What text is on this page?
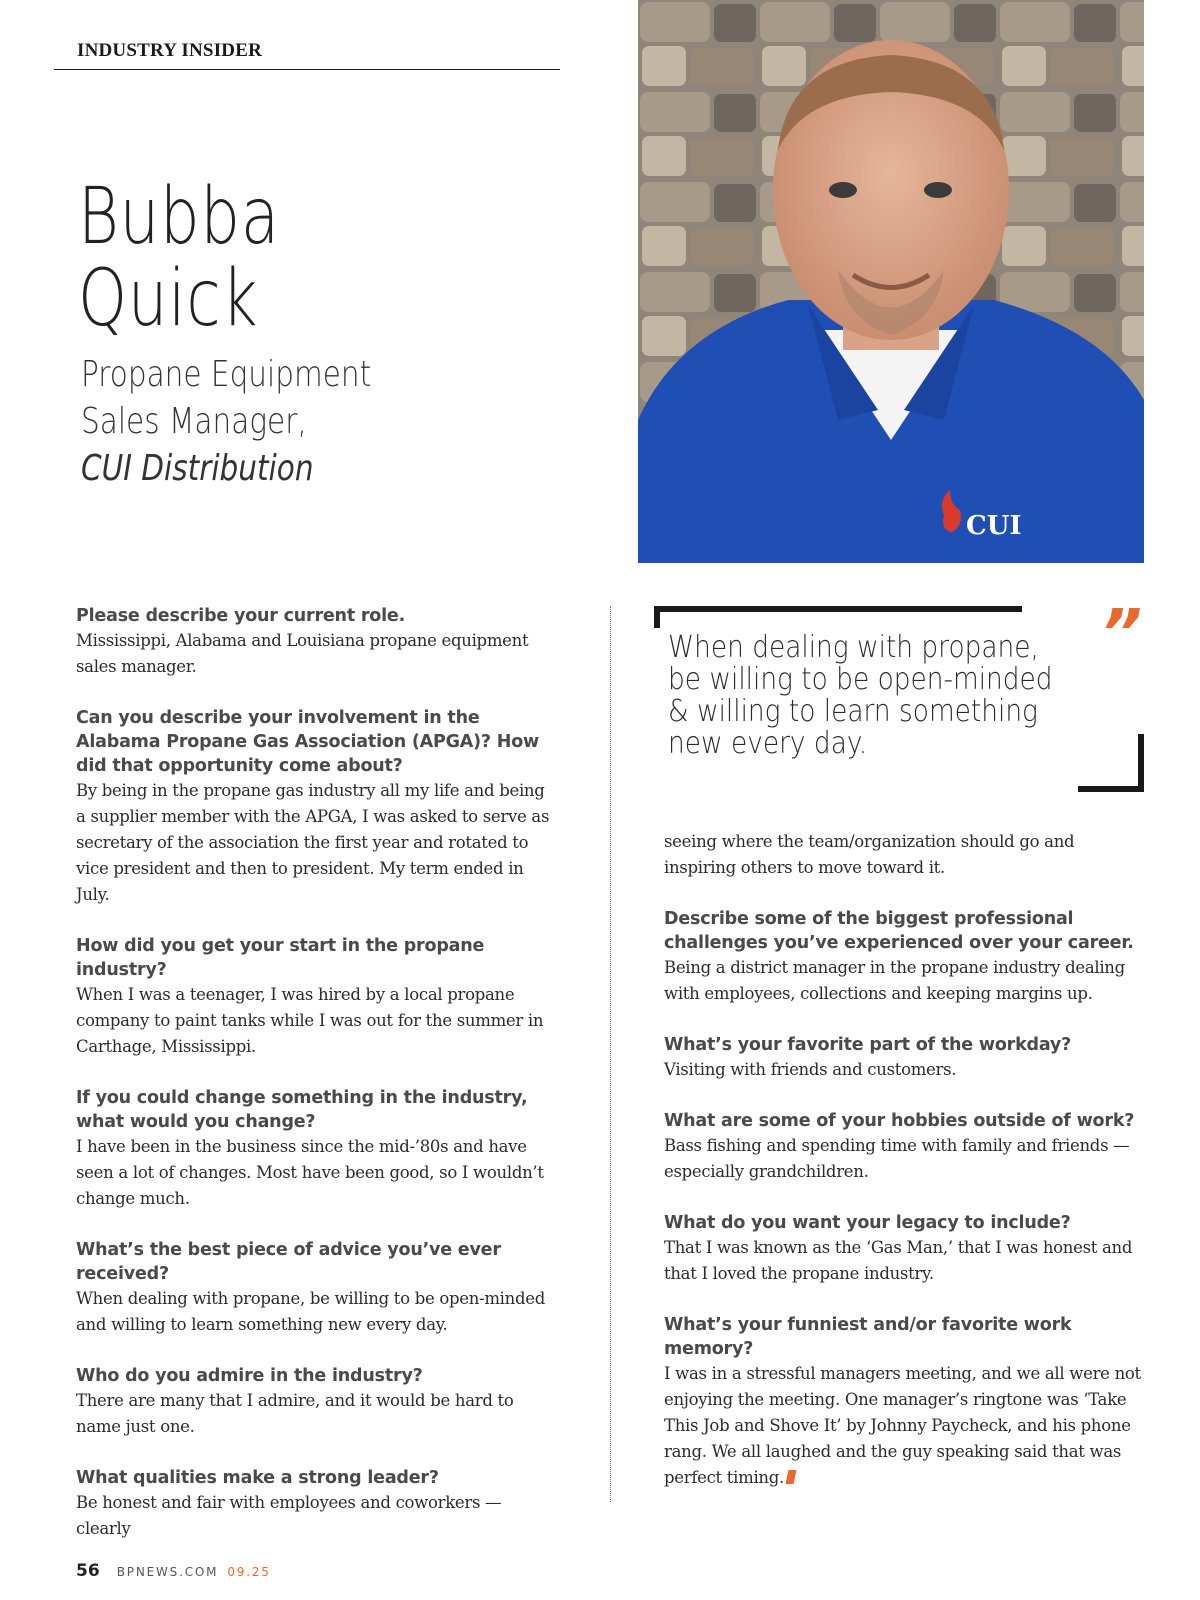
INDUSTRY INSIDER
Bubba
Quick
Propane Equipment
Sales Manager,
CUI Distribution
CUI
Please describe your current role.
Mississippi, Alabama and Louisiana propane equipment sales manager.
Can you describe your involvement in the Alabama Propane Gas Association (APGA)? How did that opportunity come about?
By being in the propane gas industry all my life and being a supplier member with the APGA, I was asked to serve as secretary of the association the first year and rotated to vice president and then to president. My term ended in July.
How did you get your start in the propane industry?
When I was a teenager, I was hired by a local propane company to paint tanks while I was out for the summer in Carthage, Mississippi.
If you could change something in the industry, what would you change?
I have been in the business since the mid-’80s and have seen a lot of changes. Most have been good, so I wouldn’t change much.
What’s the best piece of advice you’ve ever received?
When dealing with propane, be willing to be open-minded and willing to learn something new every day.
Who do you admire in the industry?
There are many that I admire, and it would be hard to name just one.
What qualities make a strong leader?
Be honest and fair with employees and coworkers — clearly
”
When dealing with propane, be willing to be open-minded & willing to learn something new every day.
seeing where the team/organization should go and inspiring others to move toward it.
Describe some of the biggest professional challenges you’ve experienced over your career.
Being a district manager in the propane industry dealing with employees, collections and keeping margins up.
What’s your favorite part of the workday?
Visiting with friends and customers.
What are some of your hobbies outside of work?
Bass fishing and spending time with family and friends — especially grandchildren.
What do you want your legacy to include?
That I was known as the ‘Gas Man,’ that I was honest and that I loved the propane industry.
What’s your funniest and/or favorite work memory?
I was in a stressful managers meeting, and we all were not enjoying the meeting. One manager’s ringtone was ‘Take This Job and Shove It’ by Johnny Paycheck, and his phone rang. We all laughed and the guy speaking said that was perfect timing.
56 BPNEWS.COM 09.25
